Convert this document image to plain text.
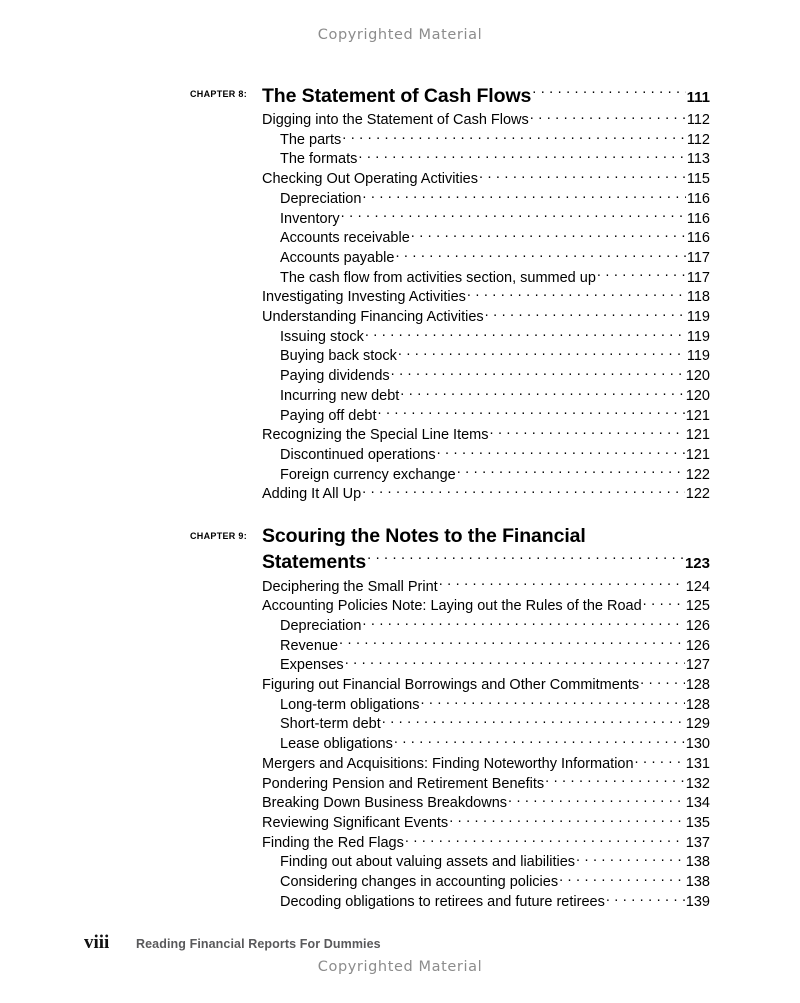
Copyrighted Material
CHAPTER 8: The Statement of Cash Flows . . .	111
Digging into the Statement of Cash Flows . . .	112
The parts . . .	112
The formats . . .	113
Checking Out Operating Activities . . .	115
Depreciation . . .	116
Inventory . . .	116
Accounts receivable . . .	116
Accounts payable . . .	117
The cash flow from activities section, summed up . . .	117
Investigating Investing Activities . . .	118
Understanding Financing Activities . . .	119
Issuing stock . . .	119
Buying back stock . . .	119
Paying dividends . . .	120
Incurring new debt . . .	120
Paying off debt . . .	121
Recognizing the Special Line Items . . .	121
Discontinued operations . . .	121
Foreign currency exchange . . .	122
Adding It All Up . . .	122
CHAPTER 9: Scouring the Notes to the Financial
Statements . . .	123
Deciphering the Small Print . . .	124
Accounting Policies Note: Laying out the Rules of the Road . . .	125
Depreciation . . .	126
Revenue . . .	126
Expenses . . .	127
Figuring out Financial Borrowings and Other Commitments . . .	128
Long-term obligations . . .	128
Short-term debt . . .	129
Lease obligations . . .	130
Mergers and Acquisitions: Finding Noteworthy Information . . .	131
Pondering Pension and Retirement Benefits . . .	132
Breaking Down Business Breakdowns . . .	134
Reviewing Significant Events . . .	135
Finding the Red Flags . . .	137
Finding out about valuing assets and liabilities . . .	138
Considering changes in accounting policies . . .	138
Decoding obligations to retirees and future retirees . . .	139
viii	Reading Financial Reports For Dummies
Copyrighted Material
